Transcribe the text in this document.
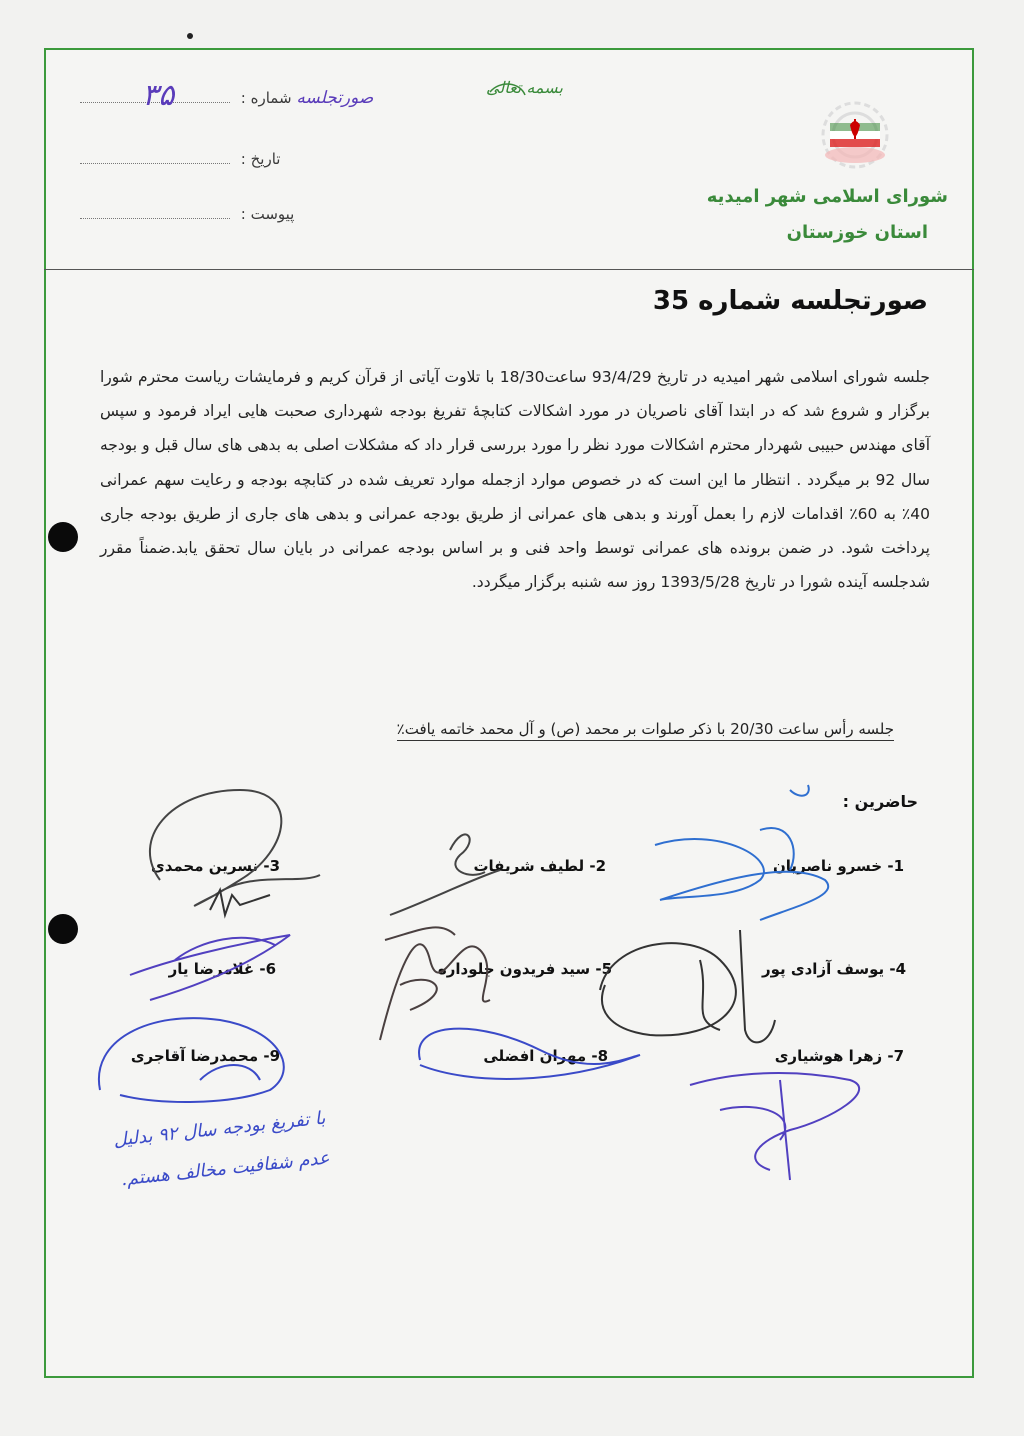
صورتجلسه شماره :
۳۵
تاریخ :
پیوست :
بسمه تعالی
شورای اسلامی شهر امیدیه
استان خوزستان
صورتجلسه شماره 35
جلسه شورای اسلامی شهر امیدیه در تاریخ 93/4/29 ساعت18/30 با تلاوت آیاتی از قرآن کریم و فرمایشات ریاست محترم شورا برگزار و شروع شد که در ابتدا آقای ناصریان در مورد اشکالات کتابچهٔ تفریغ بودجه شهرداری صحبت هایی ایراد فرمود و سپس آقای مهندس حبیبی شهردار محترم اشکالات مورد نظر را مورد بررسی قرار داد که مشکلات اصلی به بدهی های سال قبل و بودجه سال 92 بر میگردد . انتظار ما این است که در خصوص موارد ازجمله موارد تعریف شده در کتابچه بودجه و رعایت سهم عمرانی 40٪ به 60٪ اقدامات لازم را بعمل آورند و بدهی های عمرانی از طریق بودجه عمرانی و بدهی های جاری از طریق بودجه جاری پرداخت شود. در ضمن برونده های عمرانی توسط واحد فنی و بر اساس بودجه عمرانی در بایان سال تحقق یابد.ضمناً مقرر شدجلسه آینده شورا در تاریخ 1393/5/28 روز سه شنبه برگزار میگردد.
جلسه رأس ساعت 20/30 با ذکر صلوات بر محمد (ص) و آل محمد خاتمه یافت٪
حاضرین :
1- خسرو ناصریان
2- لطیف شریفات
3- نسرین محمدی
4- یوسف آزادی پور
5- سید فریدون جلوداره
6- غلامرضا یار
7- زهرا هوشیاری
8- مهران افضلی
9- محمدرضا آقاجری
با تفریغ بودجه سال ۹۲ بدلیل عدم شفافیت مخالف هستم.
